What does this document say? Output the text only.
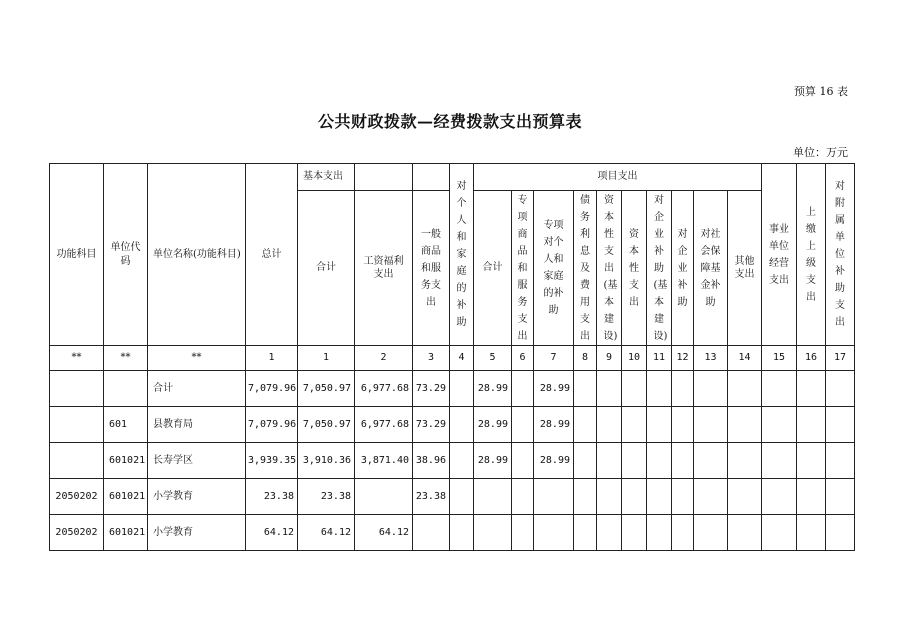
预算 16 表
公共财政拨款—经费拨款支出预算表
单位：万元
功能科目	单位代码	单位名称(功能科目)	总计	基本支出			对个人和家庭的补助	项目支出										事业单位经营支出	上缴上级支出	对附属单位补助支出
				合计	工资福利支出	一般商品和服务支出		合计	专项商品和服务支出	专项对个人和家庭的补助	债务利息及费用支出	资本性支出(基本建设)	资本性支出	对企业补助(基本建设)	对企业补助	对社会保障基金补助	其他支出			
**	**	**	1	1	2	3	4	5	6	7	8	9	10	11	12	13	14	15	16	17
		合计	7,079.96	7,050.97	6,977.68	73.29		28.99		28.99										
	601	县教育局	7,079.96	7,050.97	6,977.68	73.29		28.99		28.99										
	601021	长寿学区	3,939.35	3,910.36	3,871.40	38.96		28.99		28.99										
2050202	601021	小学教育	23.38	23.38		23.38														
2050202	601021	小学教育	64.12	64.12	64.12															
